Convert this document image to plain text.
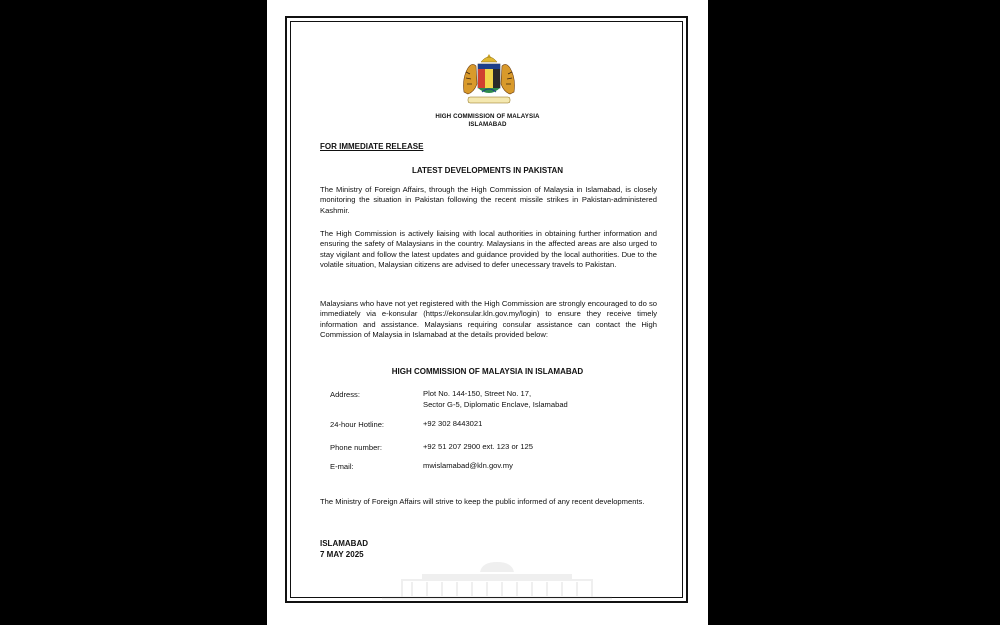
HIGH COMMISSION OF MALAYSIA
ISLAMABAD
FOR IMMEDIATE RELEASE
LATEST DEVELOPMENTS IN PAKISTAN

The Ministry of Foreign Affairs, through the High Commission of Malaysia in Islamabad, is closely monitoring the situation in Pakistan following the recent missile strikes in Pakistan-administered Kashmir.

The High Commission is actively liaising with local authorities in obtaining further information and ensuring the safety of Malaysians in the country. Malaysians in the affected areas are also urged to stay vigilant and follow the latest updates and guidance provided by the local authorities. Due to the volatile situation, Malaysian citizens are advised to defer unecessary travels to Pakistan.

Malaysians who have not yet registered with the High Commission are strongly encouraged to do so immediately via e-konsular (https://ekonsular.kln.gov.my/login) to ensure they receive timely information and assistance. Malaysians requiring consular assistance can contact the High Commission of Malaysia in Islamabad at the details provided below:

HIGH COMMISSION OF MALAYSIA IN ISLAMABAD
Address:	Plot No. 144-150, Street No. 17,
Sector G-5, Diplomatic Enclave, Islamabad
24-hour Hotline:	+92 302 8443021
Phone number:	+92 51 207 2900 ext. 123 or 125
E-mail:	mwislamabad@kln.gov.my

The Ministry of Foreign Affairs will strive to keep the public informed of any recent developments.

ISLAMABAD
7 MAY 2025
